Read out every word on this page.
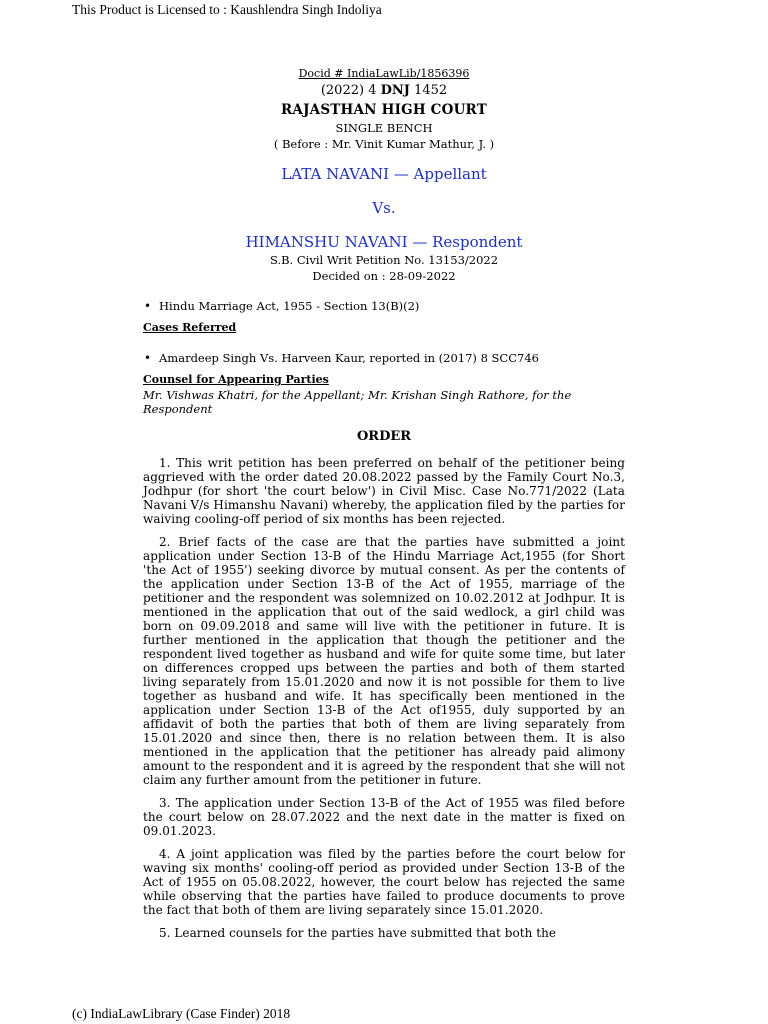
This Product is Licensed to : Kaushlendra Singh Indoliya
Docid # IndiaLawLib/1856396
(2022) 4 DNJ 1452
RAJASTHAN HIGH COURT
SINGLE BENCH
( Before : Mr. Vinit Kumar Mathur, J. )
LATA NAVANI — Appellant
Vs.
HIMANSHU NAVANI — Respondent
S.B. Civil Writ Petition No. 13153/2022
Decided on : 28-09-2022
• Hindu Marriage Act, 1955 - Section 13(B)(2)
Cases Referred
• Amardeep Singh Vs. Harveen Kaur, reported in (2017) 8 SCC746
Counsel for Appearing Parties
Mr. Vishwas Khatri, for the Appellant; Mr. Krishan Singh Rathore, for the Respondent
ORDER

1. This writ petition has been preferred on behalf of the petitioner being aggrieved with the order dated 20.08.2022 passed by the Family Court No.3, Jodhpur (for short 'the court below') in Civil Misc. Case No.771/2022 (Lata Navani V/s Himanshu Navani) whereby, the application filed by the parties for waiving cooling-off period of six months has been rejected.

2. Brief facts of the case are that the parties have submitted a joint application under Section 13-B of the Hindu Marriage Act,1955 (for Short 'the Act of 1955') seeking divorce by mutual consent. As per the contents of the application under Section 13-B of the Act of 1955, marriage of the petitioner and the respondent was solemnized on 10.02.2012 at Jodhpur. It is mentioned in the application that out of the said wedlock, a girl child was born on 09.09.2018 and same will live with the petitioner in future. It is further mentioned in the application that though the petitioner and the respondent lived together as husband and wife for quite some time, but later on differences cropped ups between the parties and both of them started living separately from 15.01.2020 and now it is not possible for them to live together as husband and wife. It has specifically been mentioned in the application under Section 13-B of the Act of1955, duly supported by an affidavit of both the parties that both of them are living separately from 15.01.2020 and since then, there is no relation between them. It is also mentioned in the application that the petitioner has already paid alimony amount to the respondent and it is agreed by the respondent that she will not claim any further amount from the petitioner in future.

3. The application under Section 13-B of the Act of 1955 was filed before the court below on 28.07.2022 and the next date in the matter is fixed on 09.01.2023.

4. A joint application was filed by the parties before the court below for waving six months' cooling-off period as provided under Section 13-B of the Act of 1955 on 05.08.2022, however, the court below has rejected the same while observing that the parties have failed to produce documents to prove the fact that both of them are living separately since 15.01.2020.

5. Learned counsels for the parties have submitted that both the

(c) IndiaLawLibrary (Case Finder) 2018
